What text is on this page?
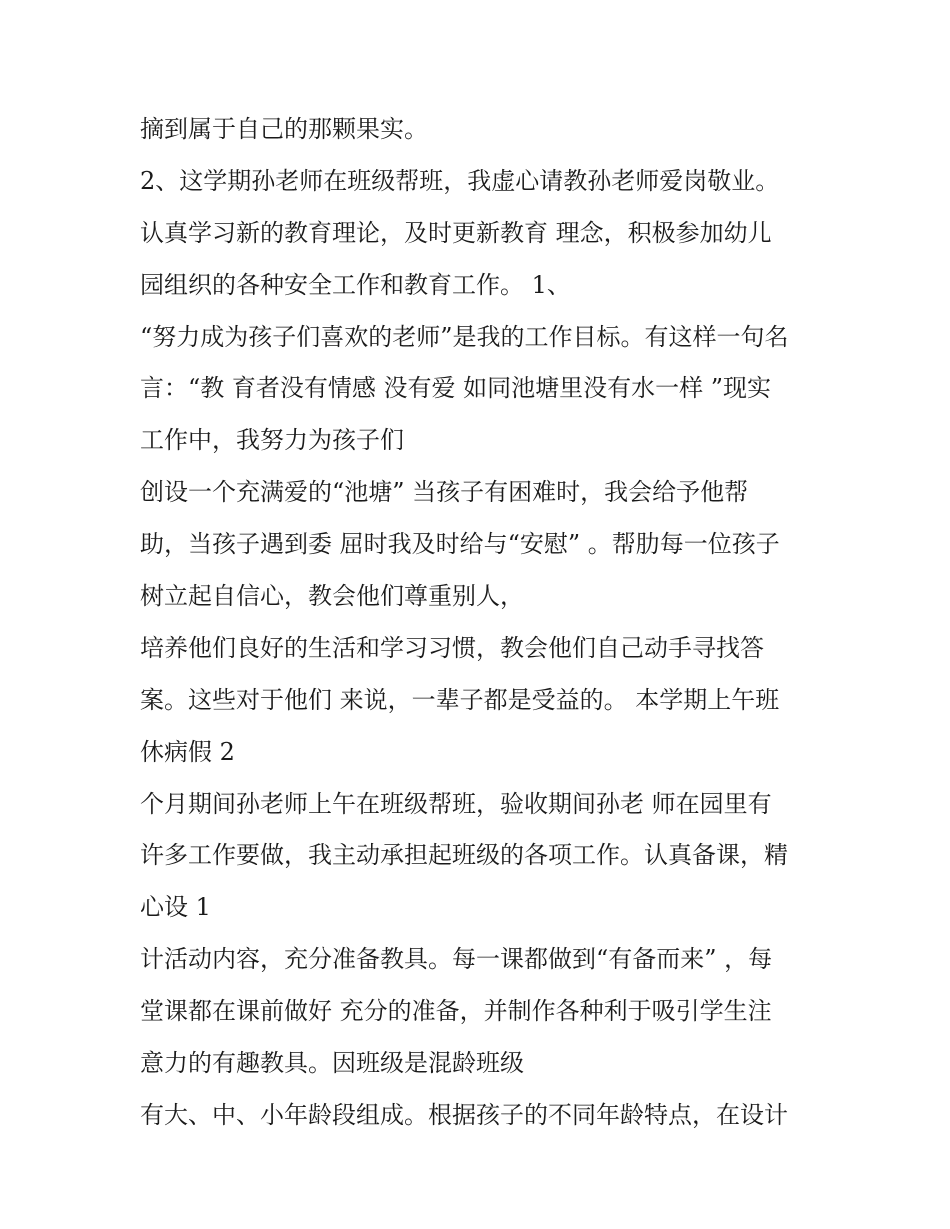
摘到属于自己的那颗果实。
2、这学期孙老师在班级帮班，我虚心请教孙老师爱岗敬业。
认真学习新的教育理论，及时更新教育 理念，积极参加幼儿
园组织的各种安全工作和教育工作。 1、
“努力成为孩子们喜欢的老师”是我的工作目标。有这样一句名
言：“教 育者没有情感 没有爱 如同池塘里没有水一样 ”现实
工作中，我努力为孩子们
创设一个充满爱的“池塘” 当孩子有困难时，我会给予他帮
助，当孩子遇到委 屈时我及时给与“安慰” 。帮肋每一位孩子
树立起自信心，教会他们尊重别人，
培养他们良好的生活和学习习惯，教会他们自己动手寻找答
案。这些对于他们 来说，一辈子都是受益的。 本学期上午班
休病假 2
个月期间孙老师上午在班级帮班，验收期间孙老 师在园里有
许多工作要做，我主动承担起班级的各项工作。认真备课，精
心设 1
计活动内容，充分准备教具。每一课都做到“有备而来” ，每
堂课都在课前做好 充分的准备，并制作各种利于吸引学生注
意力的有趣教具。因班级是混龄班级
有大、中、小年龄段组成。根据孩子的不同年龄特点，在设计
